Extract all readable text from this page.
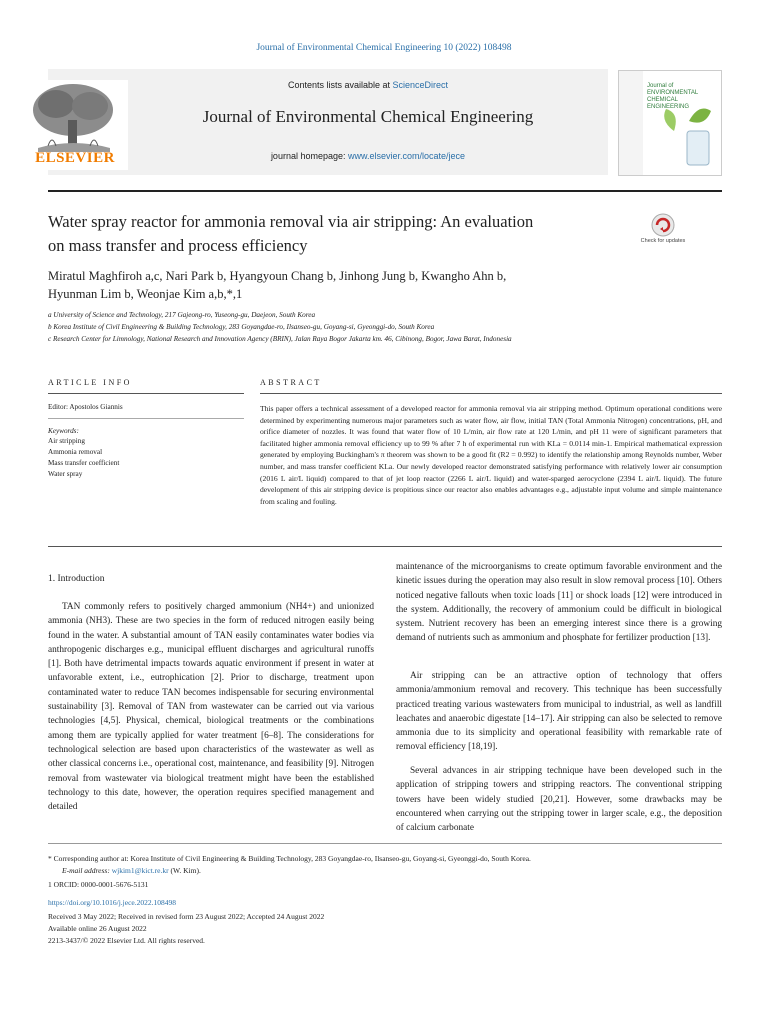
Journal of Environmental Chemical Engineering 10 (2022) 108498
ELSEVIER
Contents lists available at ScienceDirect
Journal of Environmental Chemical Engineering
journal homepage: www.elsevier.com/locate/jece
Journal of ENVIRONMENTAL CHEMICAL ENGINEERING
Water spray reactor for ammonia removal via air stripping: An evaluation
on mass transfer and process efficiency	Check for updates
Miratul Maghfiroh a,c, Nari Park b, Hyangyoun Chang b, Jinhong Jung b, Kwangho Ahn b,
Hyunman Lim b, Weonjae Kim a,b,*,1
a University of Science and Technology, 217 Gajeong-ro, Yuseong-gu, Daejeon, South Korea
b Korea Institute of Civil Engineering & Building Technology, 283 Goyangdae-ro, Ilsanseo-gu, Goyang-si, Gyeonggi-do, South Korea
c Research Center for Limnology, National Research and Innovation Agency (BRIN), Jalan Raya Bogor Jakarta km. 46, Cibinong, Bogor, Jawa Barat, Indonesia
ARTICLE INFO	ABSTRACT
Editor: Apostolos Giannis
Keywords:
Air stripping
Ammonia removal
Mass transfer coefficient
Water spray
This paper offers a technical assessment of a developed reactor for ammonia removal via air stripping method. Optimum operational conditions were determined by experimenting numerous major parameters such as water flow, air flow, initial TAN (Total Ammonia Nitrogen) concentrations, pH, and orifice diameter of nozzles. It was found that water flow of 10 L/min, air flow rate at 120 L/min, and pH 11 were of significant parameters that facilitated higher ammonia removal efficiency up to 99 % after 7 h of experimental run with KLa = 0.0114 min-1. Empirical mathematical expression generated by employing Buckingham's π theorem was shown to be a good fit (R2 = 0.992) to identify the relationship among Reynolds number, Weber number, and mass transfer coefficient KLa. Our newly developed reactor demonstrated satisfying performance with relatively lower air consumption (2016 L air/L liquid) compared to that of jet loop reactor (2266 L air/L liquid) and water-sparged aerocyclone (2394 L air/L liquid). The future development of this air stripping device is propitious since our reactor also enables advantages e.g., adjustable input volume and simple maintenance from scaling and fouling.
1. Introduction
TAN commonly refers to positively charged ammonium (NH4+) and unionized ammonia (NH3). These are two species in the form of reduced nitrogen easily being found in the water. A substantial amount of TAN easily contaminates water bodies via anthropogenic discharges e.g., municipal effluent discharges and agricultural runoffs [1]. Both have detrimental impacts towards aquatic environment if present in water at unfavorable extent, i.e., eutrophication [2]. Prior to discharge, treatment upon contaminated water to reduce TAN becomes indispensable for securing environmental sustainability [3]. Removal of TAN from wastewater can be carried out via various technologies [4,5]. Physical, chemical, biological treatments or the combinations among them are typically applied for water treatment [6–8]. The considerations for technological selection are based upon characteristics of the wastewater as well as other classical concerns i.e., operational cost, maintenance, and feasibility [9]. Nitrogen removal from wastewater via biological treatment might have been the established technology to this date, however, the operation requires specified management and detailed
maintenance of the microorganisms to create optimum favorable environment and the kinetic issues during the operation may also result in slow removal process [10]. Others noticed negative fallouts when toxic loads [11] or shock loads [12] were introduced in the system. Additionally, the recovery of ammonium could be difficult in biological system. Nutrient recovery has been an emerging interest since there is a growing demand of nutrients such as ammonium and phosphate for fertilizer production [13].
Air stripping can be an attractive option of technology that offers ammonia/ammonium removal and recovery. This technique has been successfully practiced treating various wastewaters from municipal to industrial, as well as landfill leachates and anaerobic digestate [14–17]. Air stripping can also be selected to remove ammonia due to its simplicity and operational feasibility with remarkable rate of removal efficiency [18,19].
Several advances in air stripping technique have been developed such in the application of stripping towers and stripping reactors. The conventional stripping towers have been widely studied [20,21]. However, some drawbacks may be encountered when carrying out the stripping tower in larger scale, e.g., the deposition of calcium carbonate
* Corresponding author at: Korea Institute of Civil Engineering & Building Technology, 283 Goyangdae-ro, Ilsanseo-gu, Goyang-si, Gyeonggi-do, South Korea.
E-mail address: wjkim1@kict.re.kr (W. Kim).
1 ORCID: 0000-0001-5676-5131
https://doi.org/10.1016/j.jece.2022.108498
Received 3 May 2022; Received in revised form 23 August 2022; Accepted 24 August 2022
Available online 26 August 2022
2213-3437/© 2022 Elsevier Ltd. All rights reserved.
